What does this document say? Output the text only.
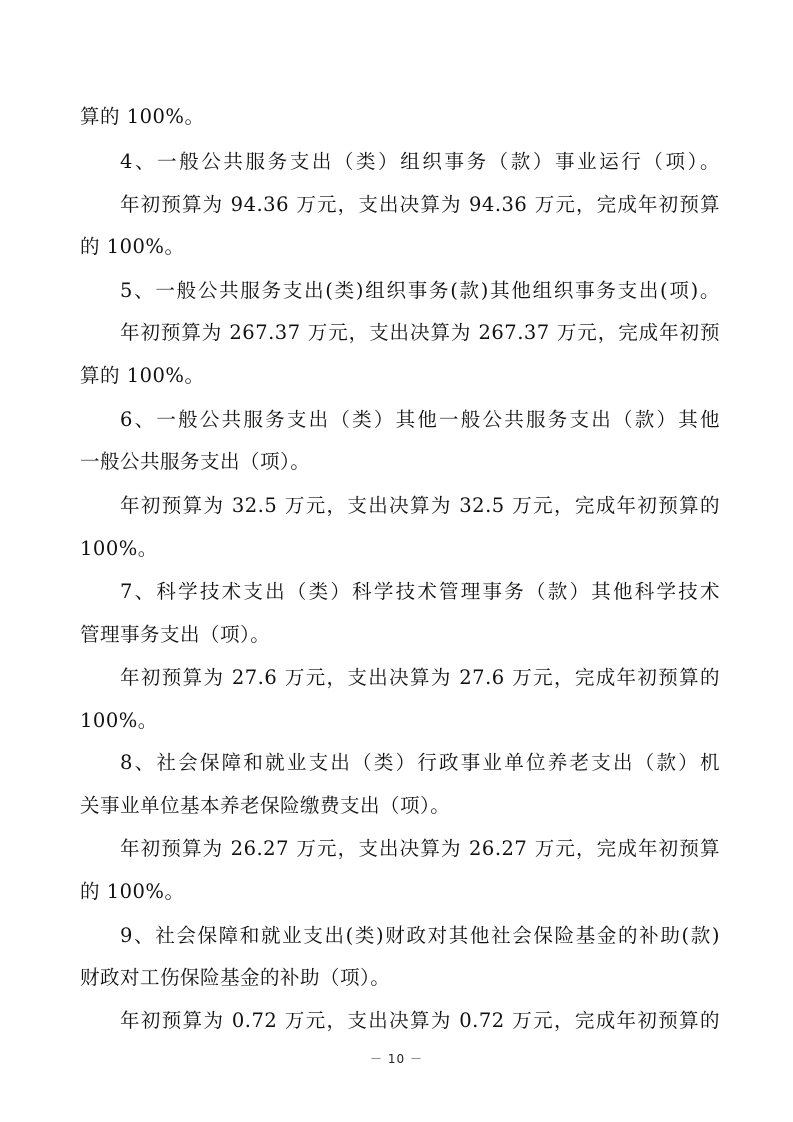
算的 100%。
4、一般公共服务支出（类）组织事务（款）事业运行（项）。
年初预算为 94.36 万元，支出决算为 94.36 万元，完成年初预算
的 100%。
5、一般公共服务支出(类)组织事务(款)其他组织事务支出(项)。
年初预算为 267.37 万元，支出决算为 267.37 万元，完成年初预
算的 100%。
6、一般公共服务支出（类）其他一般公共服务支出（款）其他
一般公共服务支出（项）。
年初预算为 32.5 万元，支出决算为 32.5 万元，完成年初预算的
100%。
7、科学技术支出（类）科学技术管理事务（款）其他科学技术
管理事务支出（项）。
年初预算为 27.6 万元，支出决算为 27.6 万元，完成年初预算的
100%。
8、社会保障和就业支出（类）行政事业单位养老支出（款）机
关事业单位基本养老保险缴费支出（项）。
年初预算为 26.27 万元，支出决算为 26.27 万元，完成年初预算
的 100%。
9、社会保障和就业支出(类)财政对其他社会保险基金的补助(款)
财政对工伤保险基金的补助（项）。
年初预算为 0.72 万元，支出决算为 0.72 万元，完成年初预算的
－ 10 －
